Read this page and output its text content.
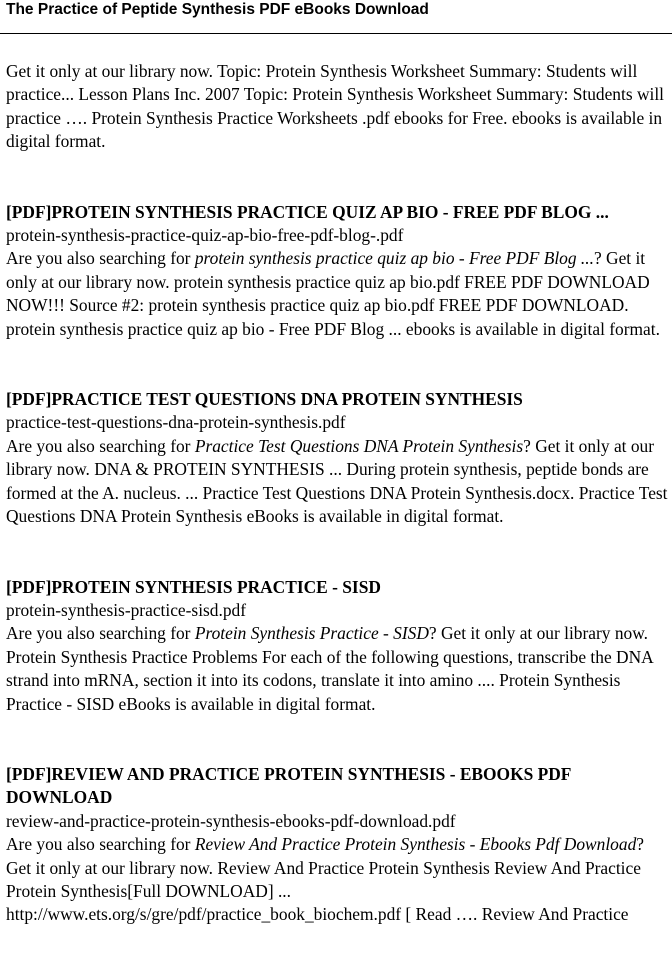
The Practice of Peptide Synthesis PDF eBooks Download

Get it only at our library now. Topic: Protein Synthesis Worksheet Summary: Students will practice... Lesson Plans Inc. 2007 Topic: Protein Synthesis Worksheet Summary: Students will practice …. Protein Synthesis Practice Worksheets .pdf ebooks for Free. ebooks is available in digital format.

[PDF]PROTEIN SYNTHESIS PRACTICE QUIZ AP BIO - FREE PDF BLOG ...

protein-synthesis-practice-quiz-ap-bio-free-pdf-blog-.pdf

Are you also searching for protein synthesis practice quiz ap bio - Free PDF Blog ...? Get it only at our library now. protein synthesis practice quiz ap bio.pdf FREE PDF DOWNLOAD NOW!!! Source #2: protein synthesis practice quiz ap bio.pdf FREE PDF DOWNLOAD. protein synthesis practice quiz ap bio - Free PDF Blog ... ebooks is available in digital format.

[PDF]PRACTICE TEST QUESTIONS DNA PROTEIN SYNTHESIS

practice-test-questions-dna-protein-synthesis.pdf

Are you also searching for Practice Test Questions DNA Protein Synthesis? Get it only at our library now. DNA & PROTEIN SYNTHESIS ... During protein synthesis, peptide bonds are formed at the A. nucleus. ... Practice Test Questions DNA Protein Synthesis.docx. Practice Test Questions DNA Protein Synthesis eBooks is available in digital format.

[PDF]PROTEIN SYNTHESIS PRACTICE - SISD

protein-synthesis-practice-sisd.pdf

Are you also searching for Protein Synthesis Practice - SISD? Get it only at our library now. Protein Synthesis Practice Problems For each of the following questions, transcribe the DNA strand into mRNA, section it into its codons, translate it into amino .... Protein Synthesis Practice - SISD eBooks is available in digital format.

[PDF]REVIEW AND PRACTICE PROTEIN SYNTHESIS - EBOOKS PDF DOWNLOAD

review-and-practice-protein-synthesis-ebooks-pdf-download.pdf

Are you also searching for Review And Practice Protein Synthesis - Ebooks Pdf Download? Get it only at our library now. Review And Practice Protein Synthesis Review And Practice Protein Synthesis[Full DOWNLOAD] ... http://www.ets.org/s/gre/pdf/practice_book_biochem.pdf [ Read …. Review And Practice
